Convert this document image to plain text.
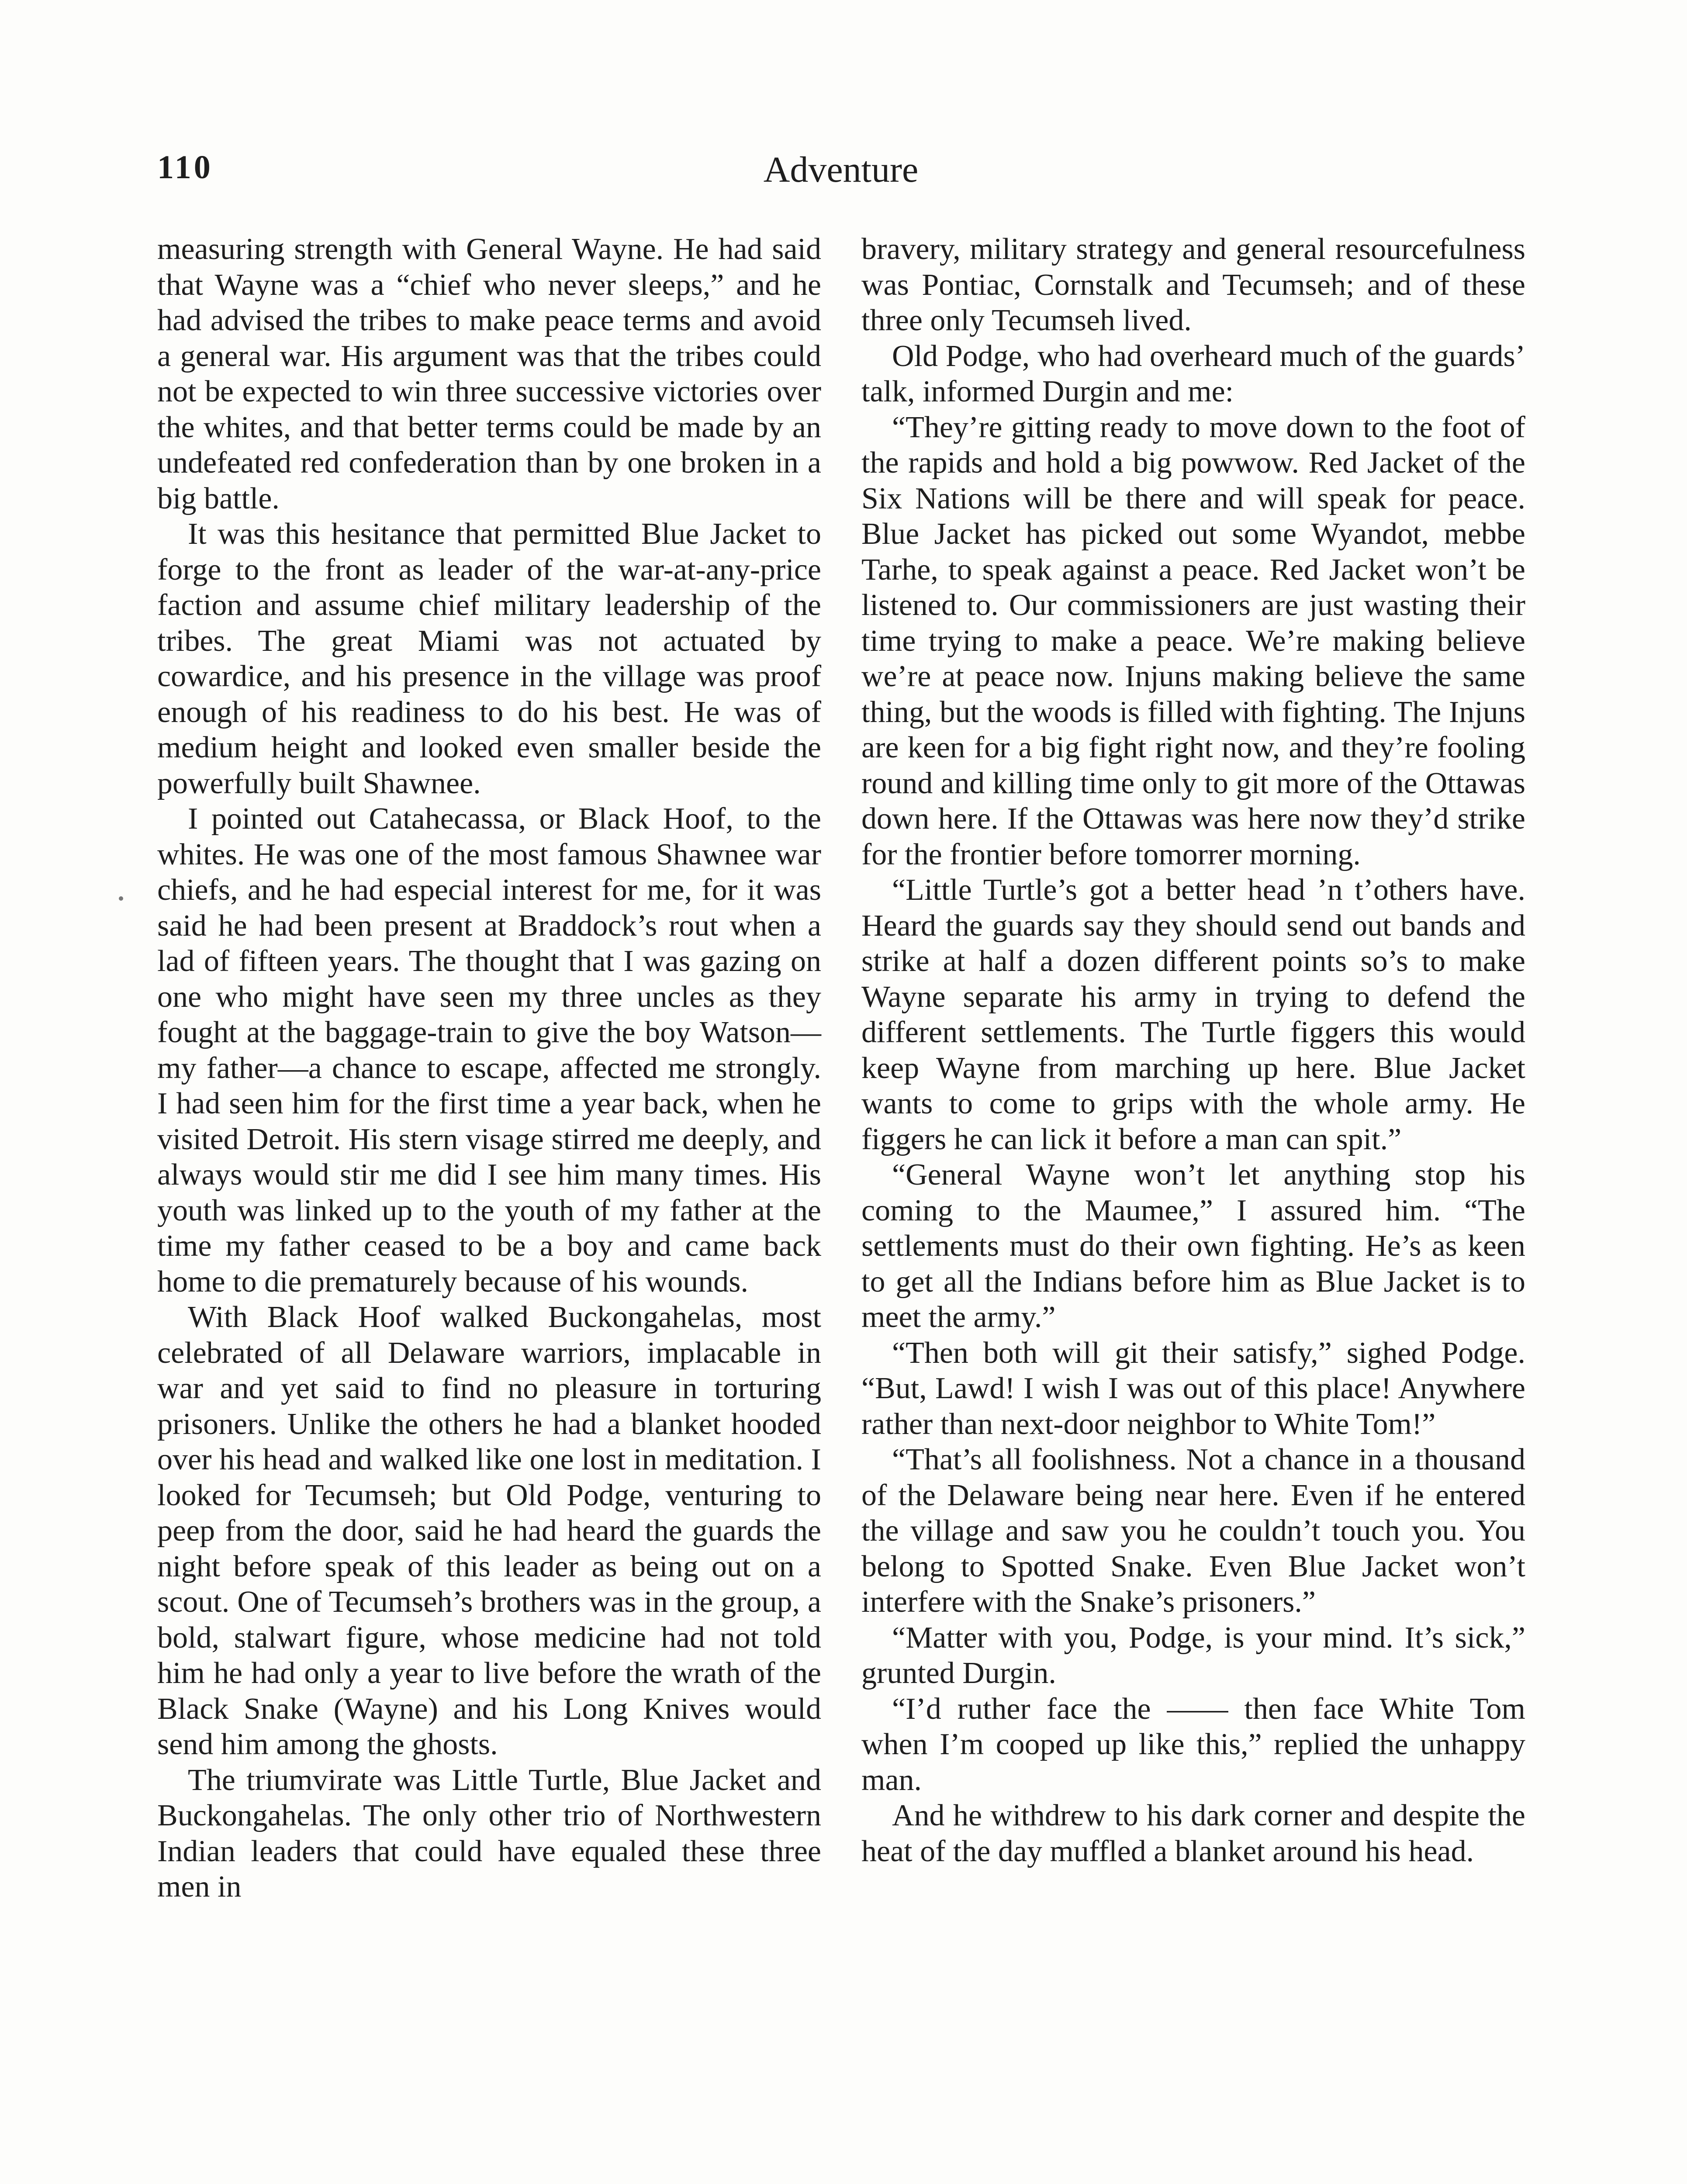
110	Adventure

measuring strength with General Wayne. He had said that Wayne was a “chief who never sleeps,” and he had advised the tribes to make peace terms and avoid a general war. His argument was that the tribes could not be expected to win three successive victories over the whites, and that better terms could be made by an undefeated red confederation than by one broken in a big battle.

It was this hesitance that permitted Blue Jacket to forge to the front as leader of the war-at-any-price faction and assume chief military leadership of the tribes. The great Miami was not actuated by cowardice, and his presence in the village was proof enough of his readiness to do his best. He was of medium height and looked even smaller beside the powerfully built Shawnee.

I pointed out Catahecassa, or Black Hoof, to the whites. He was one of the most famous Shawnee war chiefs, and he had especial interest for me, for it was said he had been present at Braddock’s rout when a lad of fifteen years. The thought that I was gazing on one who might have seen my three uncles as they fought at the baggage-train to give the boy Watson—my father—a chance to escape, affected me strongly. I had seen him for the first time a year back, when he visited Detroit. His stern visage stirred me deeply, and always would stir me did I see him many times. His youth was linked up to the youth of my father at the time my father ceased to be a boy and came back home to die prematurely because of his wounds.

With Black Hoof walked Buckongahelas, most celebrated of all Delaware warriors, implacable in war and yet said to find no pleasure in torturing prisoners. Unlike the others he had a blanket hooded over his head and walked like one lost in meditation. I looked for Tecumseh; but Old Podge, venturing to peep from the door, said he had heard the guards the night before speak of this leader as being out on a scout. One of Tecumseh’s brothers was in the group, a bold, stalwart figure, whose medicine had not told him he had only a year to live before the wrath of the Black Snake (Wayne) and his Long Knives would send him among the ghosts.

The triumvirate was Little Turtle, Blue Jacket and Buckongahelas. The only other trio of Northwestern Indian leaders that could have equaled these three men in

bravery, military strategy and general resourcefulness was Pontiac, Cornstalk and Tecumseh; and of these three only Tecumseh lived.

Old Podge, who had overheard much of the guards’ talk, informed Durgin and me:

“They’re gitting ready to move down to the foot of the rapids and hold a big powwow. Red Jacket of the Six Nations will be there and will speak for peace. Blue Jacket has picked out some Wyandot, mebbe Tarhe, to speak against a peace. Red Jacket won’t be listened to. Our commissioners are just wasting their time trying to make a peace. We’re making believe we’re at peace now. Injuns making believe the same thing, but the woods is filled with fighting. The Injuns are keen for a big fight right now, and they’re fooling round and killing time only to git more of the Ottawas down here. If the Ottawas was here now they’d strike for the frontier before tomorrer morning.

“Little Turtle’s got a better head ’n t’others have. Heard the guards say they should send out bands and strike at half a dozen different points so’s to make Wayne separate his army in trying to defend the different settlements. The Turtle figgers this would keep Wayne from marching up here. Blue Jacket wants to come to grips with the whole army. He figgers he can lick it before a man can spit.”

“General Wayne won’t let anything stop his coming to the Maumee,” I assured him. “The settlements must do their own fighting. He’s as keen to get all the Indians before him as Blue Jacket is to meet the army.”

“Then both will git their satisfy,” sighed Podge. “But, Lawd! I wish I was out of this place! Anywhere rather than next-door neighbor to White Tom!”

“That’s all foolishness. Not a chance in a thousand of the Delaware being near here. Even if he entered the village and saw you he couldn’t touch you. You belong to Spotted Snake. Even Blue Jacket won’t interfere with the Snake’s prisoners.”

“Matter with you, Podge, is your mind. It’s sick,” grunted Durgin.

“I’d ruther face the —— then face White Tom when I’m cooped up like this,” replied the unhappy man.

And he withdrew to his dark corner and despite the heat of the day muffled a blanket around his head.
